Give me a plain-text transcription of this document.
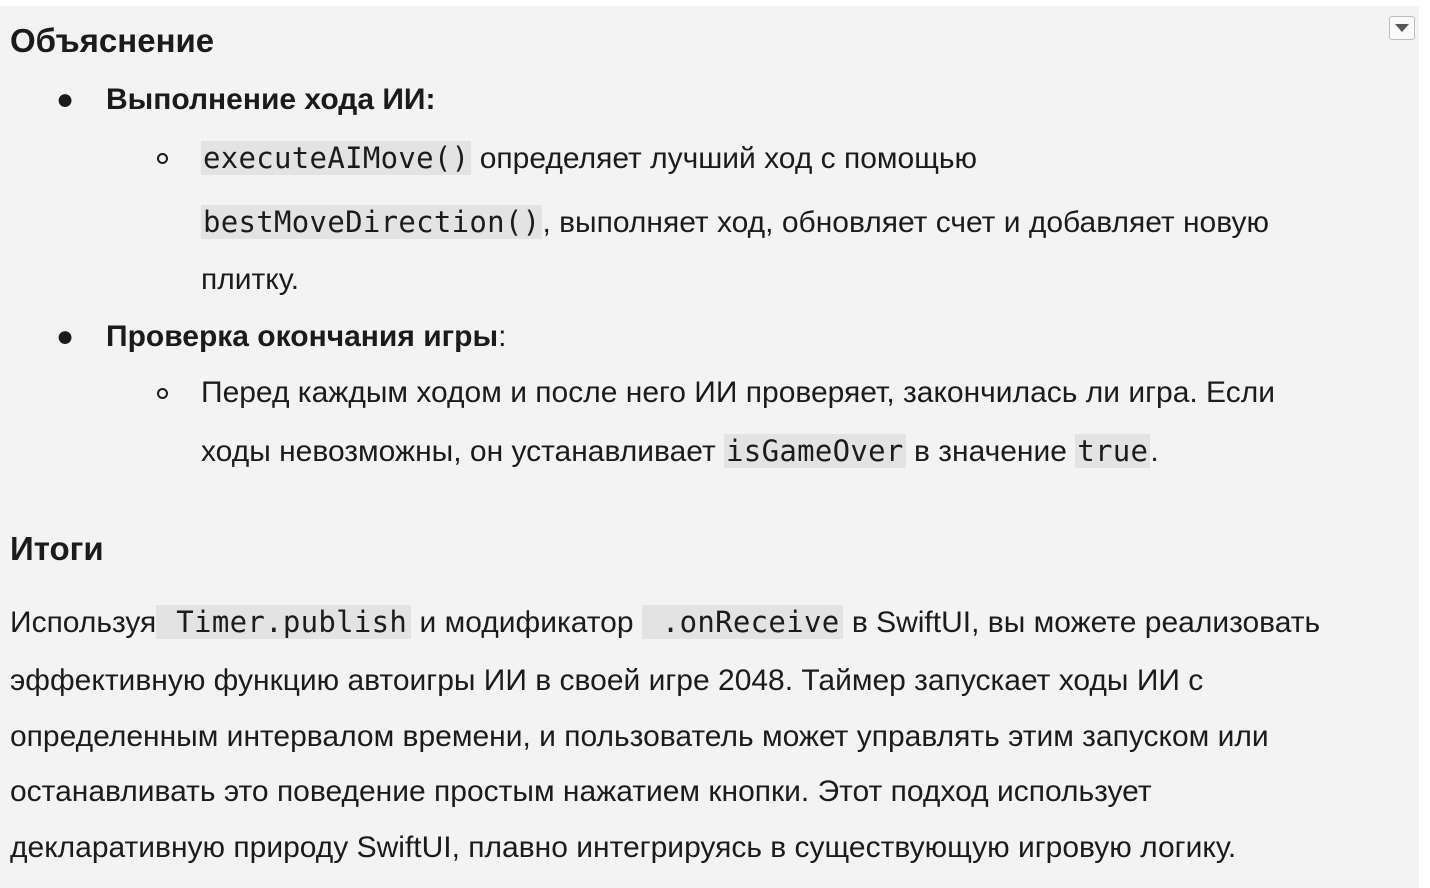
Объяснение
● Выполнение хода ИИ:
executeAIMove() определяет лучший ход с помощью
bestMoveDirection(), выполняет ход, обновляет счет и добавляет новую
плитку.
● Проверка окончания игры:
Перед каждым ходом и после него ИИ проверяет, закончилась ли игра. Если
ходы невозможны, он устанавливает isGameOver в значение true.
Итоги
Используя Timer.publish и модификатор .onReceive в SwiftUI, вы можете реализовать
эффективную функцию автоигры ИИ в своей игре 2048. Таймер запускает ходы ИИ с
определенным интервалом времени, и пользователь может управлять этим запуском или
останавливать это поведение простым нажатием кнопки. Этот подход использует
декларативную природу SwiftUI, плавно интегрируясь в существующую игровую логику.
